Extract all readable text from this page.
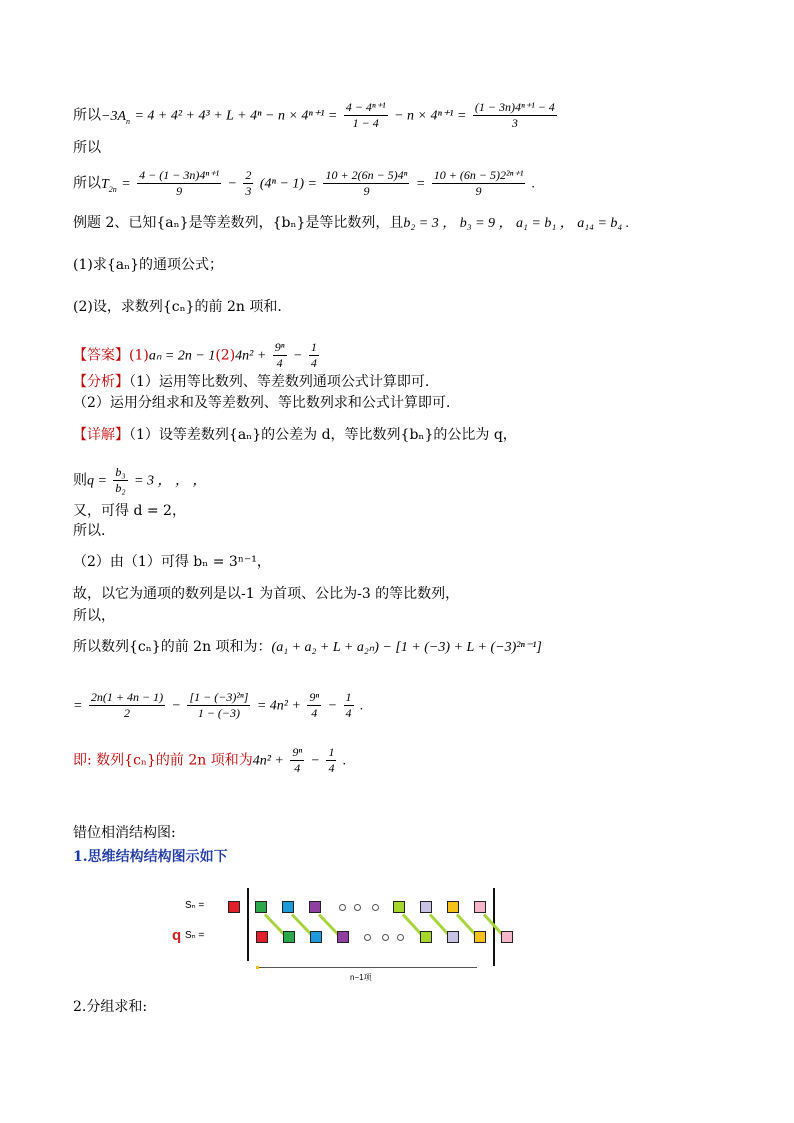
所以$-3A_n = 4 + 4^2 + 4^3 + L + 4^n - n \times 4^{n+1} = \frac{\text{4 − 4ⁿ⁺¹}}{1 - 4} - n \times 4^{n+1} = \frac{\text{(1 − 3n)4ⁿ⁺¹ − 4}}{3}$
所以
所以$T_{2n} = \frac{\text{4 − (1 − 3n)4ⁿ⁺¹}}{9} - \frac{2}{3} (4^n - 1) = \frac{\text{10 + 2(6n − 5)4ⁿ}}{9} = \frac{\text{10 + (6n − 5)2²ⁿ⁺¹}}{9}$ .
例题 2、已知{aₙ}是等差数列，{bₙ}是等比数列，且b₂ = 3 ， b₃ = 9 ， a₁ = b₁ ， a₁₄ = b₄ .
(1)求{aₙ}的通项公式；
(2)设，求数列{cₙ}的前 2n 项和.
【答案】$(1)a_n = 2n - 1(2)4n^2 + \frac{\text{9ⁿ}}{4} - \frac{1}{4}$
【分析】（1）运用等比数列、等差数列通项公式计算即可.
（2）运用分组求和及等差数列、等比数列求和公式计算即可.
【详解】（1）设等差数列{aₙ}的公差为 d，等比数列{bₙ}的公比为 q，
则$q = \frac{\text{b₃}}{\text{b₂}} = 3$ ， ， ，
又，可得 d = 2，
所以.
（2）由（1）可得 bₙ = 3ⁿ⁻¹，
故，以它为通项的数列是以-1 为首项、公比为-3 的等比数列，
所以，
所以数列{cₙ}的前 2n 项和为：(a₁ + a₂ + L + a₂ₙ) − [1 + (−3) + L + (−3)²ⁿ⁻¹]
= $\frac{2n(1 + 4n - 1)}{2} - \frac{\text{[1 − (−3)²ⁿ]}}{1 - (-3)} = 4n^2 + \frac{\text{9ⁿ}}{4} - \frac{1}{4}$ .
即: 数列{cₙ}的前 2n 项和为$4n^2 + \frac{\text{9ⁿ}}{4} - \frac{1}{4}$ .
错位相消结构图:
1.思维结构结构图示如下
Sₙ =
q Sₙ =
n−1项
2.分组求和:
